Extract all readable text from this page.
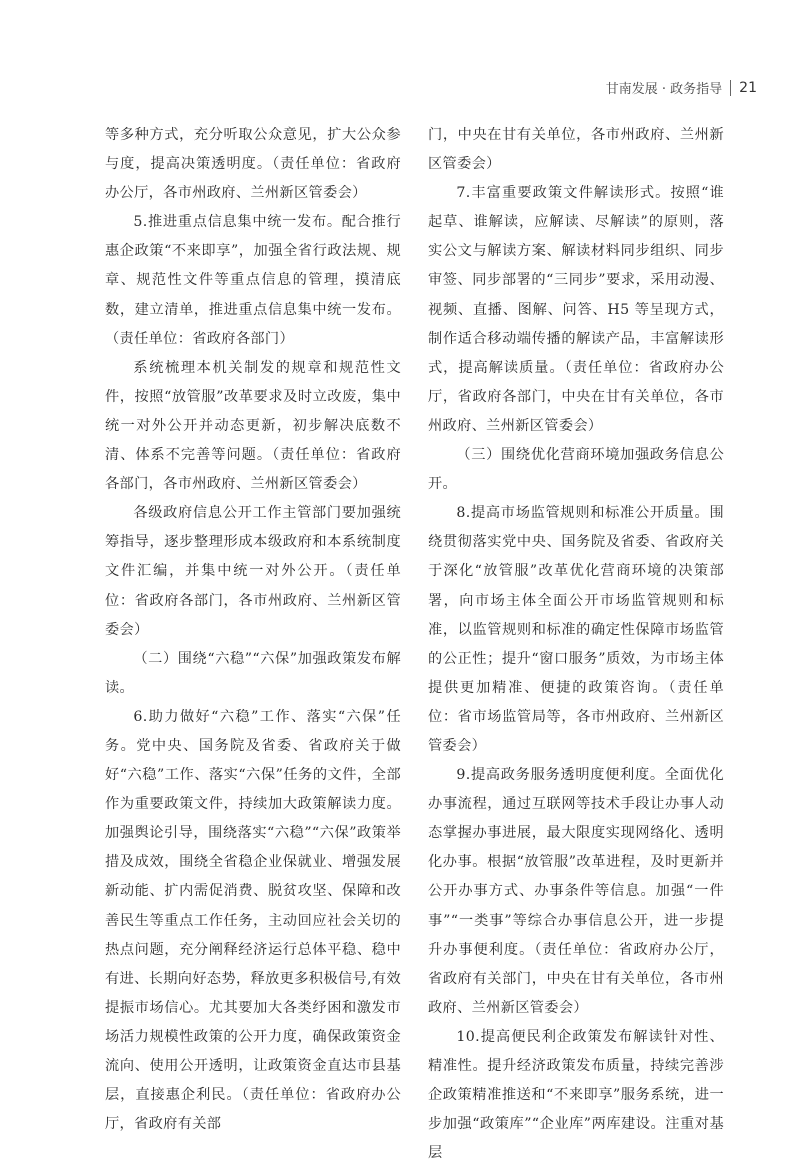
甘南发展 · 政务指导 21

等多种方式，充分听取公众意见，扩大公众参与度，提高决策透明度。（责任单位：省政府办公厅，各市州政府、兰州新区管委会）

5.推进重点信息集中统一发布。配合推行惠企政策“不来即享”，加强全省行政法规、规章、规范性文件等重点信息的管理，摸清底数，建立清单，推进重点信息集中统一发布。（责任单位：省政府各部门）

系统梳理本机关制发的规章和规范性文件，按照“放管服”改革要求及时立改废，集中统一对外公开并动态更新，初步解决底数不清、体系不完善等问题。（责任单位：省政府各部门，各市州政府、兰州新区管委会）

各级政府信息公开工作主管部门要加强统筹指导，逐步整理形成本级政府和本系统制度文件汇编，并集中统一对外公开。（责任单位：省政府各部门，各市州政府、兰州新区管委会）

（二）围绕“六稳”“六保”加强政策发布解读。

6.助力做好“六稳”工作、落实“六保”任务。党中央、国务院及省委、省政府关于做好“六稳”工作、落实“六保”任务的文件，全部作为重要政策文件，持续加大政策解读力度。加强舆论引导，围绕落实“六稳”“六保”政策举措及成效，围绕全省稳企业保就业、增强发展新动能、扩内需促消费、脱贫攻坚、保障和改善民生等重点工作任务，主动回应社会关切的热点问题，充分阐释经济运行总体平稳、稳中有进、长期向好态势，释放更多积极信号,有效提振市场信心。尤其要加大各类纾困和激发市场活力规模性政策的公开力度，确保政策资金流向、使用公开透明，让政策资金直达市县基层，直接惠企利民。（责任单位：省政府办公厅，省政府有关部

门，中央在甘有关单位，各市州政府、兰州新区管委会）

7.丰富重要政策文件解读形式。按照“谁起草、谁解读，应解读、尽解读”的原则，落实公文与解读方案、解读材料同步组织、同步审签、同步部署的“三同步”要求，采用动漫、视频、直播、图解、问答、H5 等呈现方式，制作适合移动端传播的解读产品，丰富解读形式，提高解读质量。（责任单位：省政府办公厅，省政府各部门，中央在甘有关单位，各市州政府、兰州新区管委会）

（三）围绕优化营商环境加强政务信息公开。

8.提高市场监管规则和标准公开质量。围绕贯彻落实党中央、国务院及省委、省政府关于深化“放管服”改革优化营商环境的决策部署，向市场主体全面公开市场监管规则和标准，以监管规则和标准的确定性保障市场监管的公正性；提升“窗口服务”质效，为市场主体提供更加精准、便捷的政策咨询。（责任单位：省市场监管局等，各市州政府、兰州新区管委会）

9.提高政务服务透明度便利度。全面优化办事流程，通过互联网等技术手段让办事人动态掌握办事进展，最大限度实现网络化、透明化办事。根据“放管服”改革进程，及时更新并公开办事方式、办事条件等信息。加强“一件事”“一类事”等综合办事信息公开，进一步提升办事便利度。（责任单位：省政府办公厅，省政府有关部门，中央在甘有关单位，各市州政府、兰州新区管委会）

10.提高便民利企政策发布解读针对性、精准性。提升经济政策发布质量，持续完善涉企政策精准推送和“不来即享”服务系统，进一步加强“政策库”“企业库”两库建设。注重对基层
